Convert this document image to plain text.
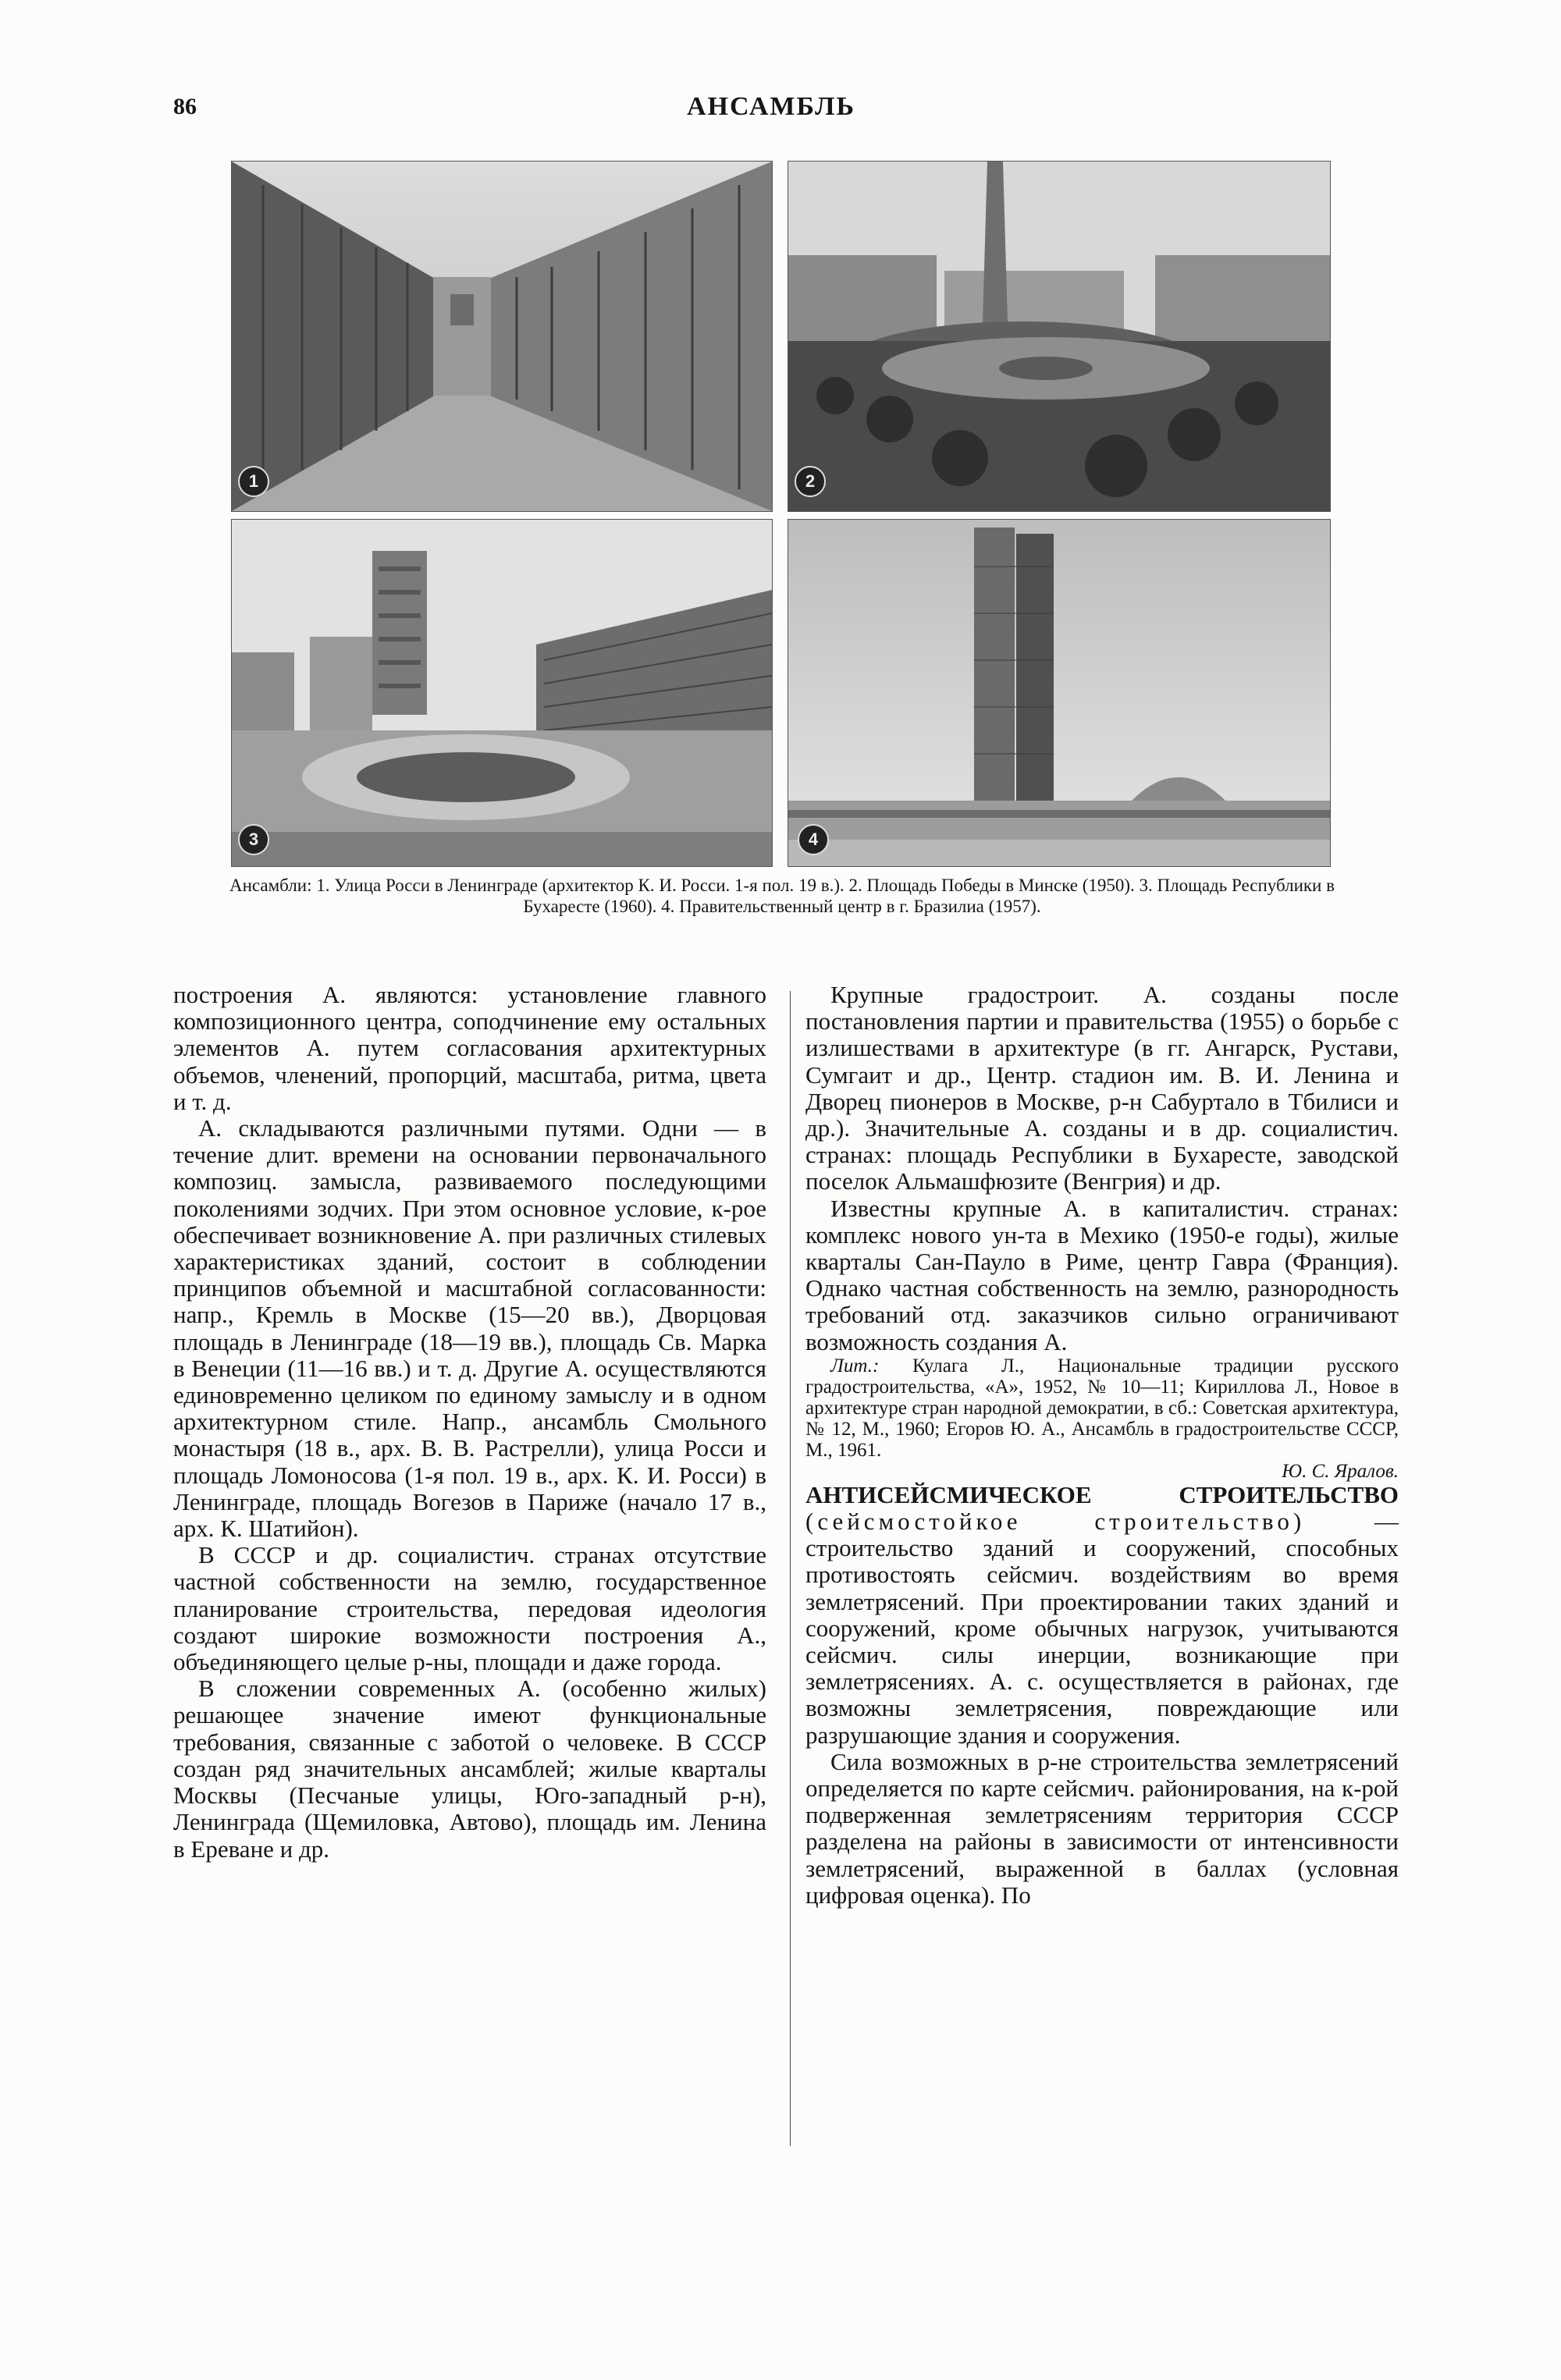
86	АНСАМБЛЬ
1	2
3	4
Ансамбли: 1. Улица Росси в Ленинграде (архитектор К. И. Росси. 1-я пол. 19 в.). 2. Площадь Победы в Минске (1950). 3. Площадь Республики в Бухаресте (1960). 4. Правительственный центр в г. Бразилиа (1957).

построения А. являются: установление главного композиционного центра, соподчинение ему остальных элементов А. путем согласования архитектурных объемов, членений, пропорций, масштаба, ритма, цвета и т. д.

А. складываются различными путями. Одни — в течение длит. времени на основании первоначального композиц. замысла, развиваемого последующими поколениями зодчих. При этом основное условие, к-рое обеспечивает возникновение А. при различных стилевых характеристиках зданий, состоит в соблюдении принципов объемной и масштабной согласованности: напр., Кремль в Москве (15—20 вв.), Дворцовая площадь в Ленинграде (18—19 вв.), площадь Св. Марка в Венеции (11—16 вв.) и т. д. Другие А. осуществляются единовременно целиком по единому замыслу и в одном архитектурном стиле. Напр., ансамбль Смольного монастыря (18 в., арх. В. В. Растрелли), улица Росси и площадь Ломоносова (1-я пол. 19 в., арх. К. И. Росси) в Ленинграде, площадь Вогезов в Париже (начало 17 в., арх. К. Шатийон).

В СССР и др. социалистич. странах отсутствие частной собственности на землю, государственное планирование строительства, передовая идеология создают широкие возможности построения А., объединяющего целые р-ны, площади и даже города.

В сложении современных А. (особенно жилых) решающее значение имеют функциональные требования, связанные с заботой о человеке. В СССР создан ряд значительных ансамблей; жилые кварталы Москвы (Песчаные улицы, Юго-западный р-н), Ленинграда (Щемиловка, Автово), площадь им. Ленина в Ереване и др.

Крупные градостроит. А. созданы после постановления партии и правительства (1955) о борьбе с излишествами в архитектуре (в гг. Ангарск, Рустави, Сумгаит и др., Центр. стадион им. В. И. Ленина и Дворец пионеров в Москве, р-н Сабуртало в Тбилиси и др.). Значительные А. созданы и в др. социалистич. странах: площадь Республики в Бухаресте, заводской поселок Альмашфюзите (Венгрия) и др.

Известны крупные А. в капиталистич. странах: комплекс нового ун-та в Мехико (1950-е годы), жилые кварталы Сан-Пауло в Риме, центр Гавра (Франция). Однако частная собственность на землю, разнородность требований отд. заказчиков сильно ограничивают возможность создания А.

Лит.: Кулага Л., Национальные традиции русского градостроительства, «А», 1952, № 10—11; Кириллова Л., Новое в архитектуре стран народной демократии, в сб.: Советская архитектура, № 12, М., 1960; Егоров Ю. А., Ансамбль в градостроительстве СССР, М., 1961.
Ю. С. Яралов.

АНТИСЕЙСМИЧЕСКОЕ СТРОИТЕЛЬСТВО (сейсмостойкое строительство)	— строительство зданий и сооружений, способных противостоять сейсмич. воздействиям во время землетрясений. При проектировании таких зданий и сооружений, кроме обычных нагрузок, учитываются сейсмич. силы инерции, возникающие при землетрясениях. А. с. осуществляется в районах, где возможны землетрясения, повреждающие или разрушающие здания и сооружения.

Сила возможных в р-не строительства землетрясений определяется по карте сейсмич. районирования, на к-рой подверженная землетрясениям территория СССР разделена на районы в зависимости от интенсивности землетрясений, выраженной в баллах (условная цифровая оценка). По
